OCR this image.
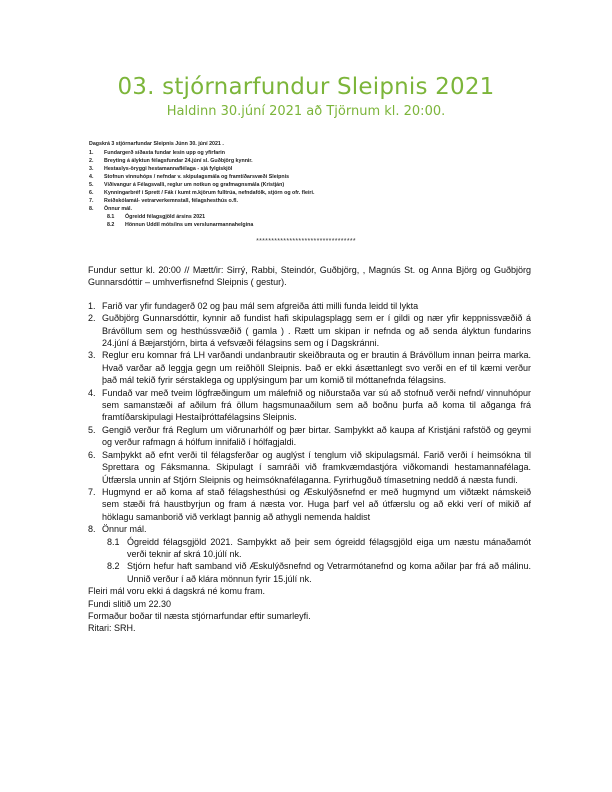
03. stjórnarfundur Sleipnis 2021
Haldinn 30.júní 2021 að Tjörnum kl. 20:00.
Dagskrá 3 stjórnarfundar Sleipnis Júnn 30. júní 2021 .
1. Fundargerð síðasta fundar lesin upp og yfirfarin
2. Breyting á ályktun félagsfundar 24.júní sl. Guðbjörg kynnir.
3. Hestaslys-öryggi hestamannaflélaga - sjá fylgiskjöl
4. Stofnun vinnuhóps / nefndar v. skipulagsmála og framtíðarsvæði Sleipnis
5. Víðivangur á Félagsvalli, reglur um notkun og grafmagnsmála (Kristján)
6. Kynningarbréf í Sprett / Fák í kumt m.kjörum fulltrúa, nefndafólk, stjórn og ofr. fleiri.
7. Reiðskólamál- vetrarverkemnstall, félagshesthús o.fl.
8. Önnur mál.
8.1 Ógreidd félagsgjöld ársins 2021
8.2 Hönnun Uddil móts/ins um verslunarmannahelgina
*********************************

Fundur settur kl. 20:00 // Mætt/ir: Sirrý, Rabbi, Steindór, Guðbjörg, , Magnús St. og Anna Björg og Guðbjörg Gunnarsdóttir – umhverfisnefnd Sleipnis ( gestur).

1. Farið var yfir fundagerð 02 og þau mál sem afgreiða átti milli funda leidd til lykta

2. Guðbjörg Gunnarsdóttir, kynnir að fundist hafi skipulagsplagg sem er í gildi og nær yfir keppnissvæðið á Brávöllum sem og hesthússvæðið ( gamla ) . Rætt um skipan ir nefnda og að senda ályktun fundarins 24.júní á Bæjarstjórn, birta á vefsvæði félagsins sem og í Dagskránni.

3. Reglur eru komnar frá LH varðandi undanbrautir skeiðbrauta og er brautin á Brávöllum innan þeirra marka. Hvað varðar að leggja gegn um reiðhöll Sleipnis. Það er ekki ásættanlegt svo verði en ef til kæmi verður það mál tekið fyrir sérstaklega og upplýsingum þar um komið til móttanefnda félagsins.

4. Fundað var með tveim lögfræðingum um málefnið og niðurstaða var sú að stofnuð verði nefnd/ vinnuhópur sem samanstæði af aðilum frá öllum hagsmunaaðilum sem að boðnu þurfa að koma til aðganga frá framtíðarskipulagi Hestaíþróttafélagsins Sleipnis.

5. Gengið verður frá Reglum um viðrunarhólf og þær birtar. Samþykkt að kaupa af Kristjáni rafstöð og geymi og verður rafmagn á hólfum innifalið í hólfagjaldi.

6. Samþykkt að efnt verði til félagsferðar og auglýst í tenglum við skipulagsmál. Farið verði í heimsókna til Sprettara og Fáksmanna. Skipulagt í samráði við framkvæmdastjóra viðkomandi hestamannafélaga. Útfærsla unnin af Stjórn Sleipnis og heimsóknafélaganna. Fyrirhugðuð tímasetning neddð á næsta fundi.

7. Hugmynd er að koma af stað félagshesthúsi og Æskulýðsnefnd er með hugmynd um viðtækt námskeið sem stæði frá haustbyrjun og fram á næsta vor. Huga þarf vel að útfærslu og að ekki verí of mikið af höklagu samanborið við verklagt þannig að athygli nemenda haldist

8. Önnur mál.

8.1 Ógreidd félagsgjöld 2021. Samþykkt að þeir sem ógreidd félagsgjöld eiga um næstu mánaðamót verði teknir af skrá 10.júlí nk.

8.2 Stjórn hefur haft samband við Æskulýðsnefnd og Vetrarmótanefnd og koma aðilar þar frá að málinu. Unnið verður í að klára mönnun fyrir 15.júlí nk.

Fleiri mál voru ekki á dagskrá né komu fram.

Fundi slitið um 22.30

Formaður boðar til næsta stjórnarfundar eftir sumarleyfi.

Ritari: SRH.
